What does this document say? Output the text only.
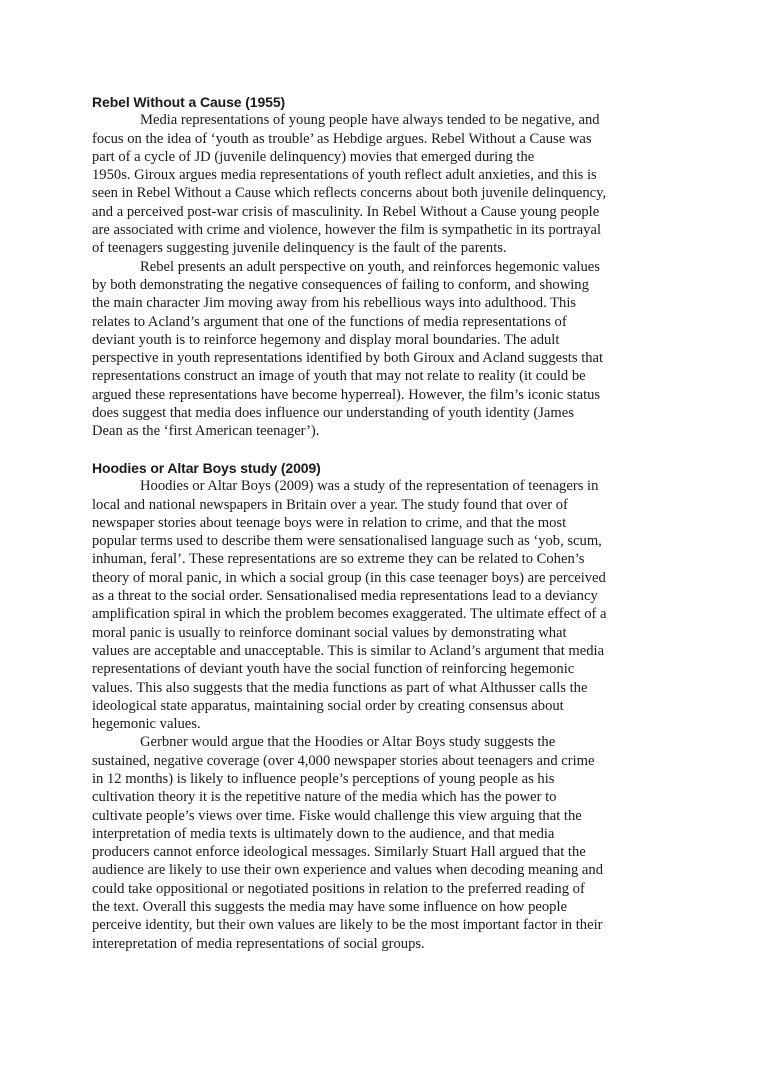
Rebel Without a Cause (1955)

Media representations of young people have always tended to be negative, and
focus on the idea of ‘youth as trouble’ as Hebdige argues. Rebel Without a Cause was
part of a cycle of JD (juvenile delinquency) movies that emerged during the
1950s. Giroux argues media representations of youth reflect adult anxieties, and this is
seen in Rebel Without a Cause which reflects concerns about both juvenile delinquency,
and a perceived post-war crisis of masculinity. In Rebel Without a Cause young people
are associated with crime and violence, however the film is sympathetic in its portrayal
of teenagers suggesting juvenile delinquency is the fault of the parents.

Rebel presents an adult perspective on youth, and reinforces hegemonic values
by both demonstrating the negative consequences of failing to conform, and showing
the main character Jim moving away from his rebellious ways into adulthood. This
relates to Acland’s argument that one of the functions of media representations of
deviant youth is to reinforce hegemony and display moral boundaries. The adult
perspective in youth representations identified by both Giroux and Acland suggests that
representations construct an image of youth that may not relate to reality (it could be
argued these representations have become hyperreal). However, the film’s iconic status
does suggest that media does influence our understanding of youth identity (James
Dean as the ‘first American teenager’).

Hoodies or Altar Boys study (2009)

Hoodies or Altar Boys (2009) was a study of the representation of teenagers in
local and national newspapers in Britain over a year. The study found that over of
newspaper stories about teenage boys were in relation to crime, and that the most
popular terms used to describe them were sensationalised language such as ‘yob, scum,
inhuman, feral’. These representations are so extreme they can be related to Cohen’s
theory of moral panic, in which a social group (in this case teenager boys) are perceived
as a threat to the social order. Sensationalised media representations lead to a deviancy
amplification spiral in which the problem becomes exaggerated. The ultimate effect of a
moral panic is usually to reinforce dominant social values by demonstrating what
values are acceptable and unacceptable. This is similar to Acland’s argument that media
representations of deviant youth have the social function of reinforcing hegemonic
values. This also suggests that the media functions as part of what Althusser calls the
ideological state apparatus, maintaining social order by creating consensus about
hegemonic values.

Gerbner would argue that the Hoodies or Altar Boys study suggests the
sustained, negative coverage (over 4,000 newspaper stories about teenagers and crime
in 12 months) is likely to influence people’s perceptions of young people as his
cultivation theory it is the repetitive nature of the media which has the power to
cultivate people’s views over time. Fiske would challenge this view arguing that the
interpretation of media texts is ultimately down to the audience, and that media
producers cannot enforce ideological messages. Similarly Stuart Hall argued that the
audience are likely to use their own experience and values when decoding meaning and
could take oppositional or negotiated positions in relation to the preferred reading of
the text. Overall this suggests the media may have some influence on how people
perceive identity, but their own values are likely to be the most important factor in their
interepretation of media representations of social groups.
